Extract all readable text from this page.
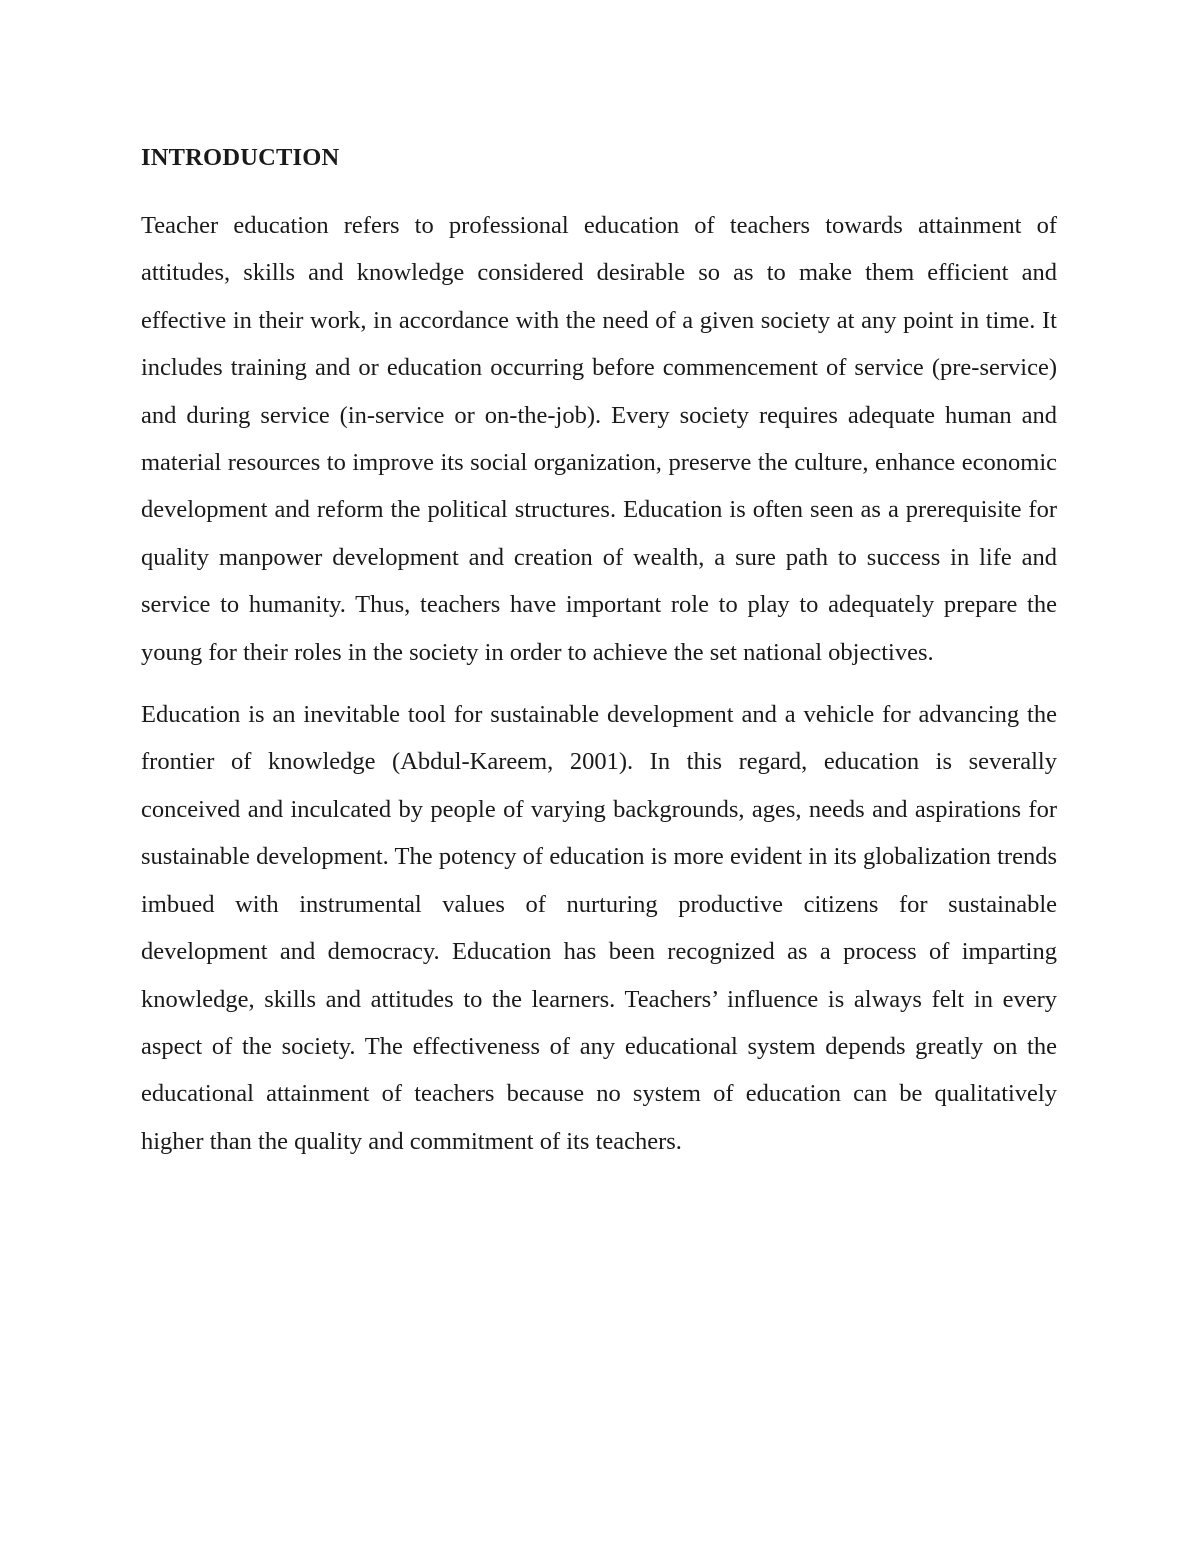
INTRODUCTION

Teacher education refers to professional education of teachers towards attainment of attitudes, skills and knowledge considered desirable so as to make them efficient and effective in their work, in accordance with the need of a given society at any point in time. It includes training and or education occurring before commencement of service (pre-service) and during service (in-service or on-the-job). Every society requires adequate human and material resources to improve its social organization, preserve the culture, enhance economic development and reform the political structures. Education is often seen as a prerequisite for quality manpower development and creation of wealth, a sure path to success in life and service to humanity. Thus, teachers have important role to play to adequately prepare the young for their roles in the society in order to achieve the set national objectives.

Education is an inevitable tool for sustainable development and a vehicle for advancing the frontier of knowledge (Abdul-Kareem, 2001). In this regard, education is severally conceived and inculcated by people of varying backgrounds, ages, needs and aspirations for sustainable development. The potency of education is more evident in its globalization trends imbued with instrumental values of nurturing productive citizens for sustainable development and democracy. Education has been recognized as a process of imparting knowledge, skills and attitudes to the learners. Teachers’ influence is always felt in every aspect of the society. The effectiveness of any educational system depends greatly on the educational attainment of teachers because no system of education can be qualitatively higher than the quality and commitment of its teachers.
